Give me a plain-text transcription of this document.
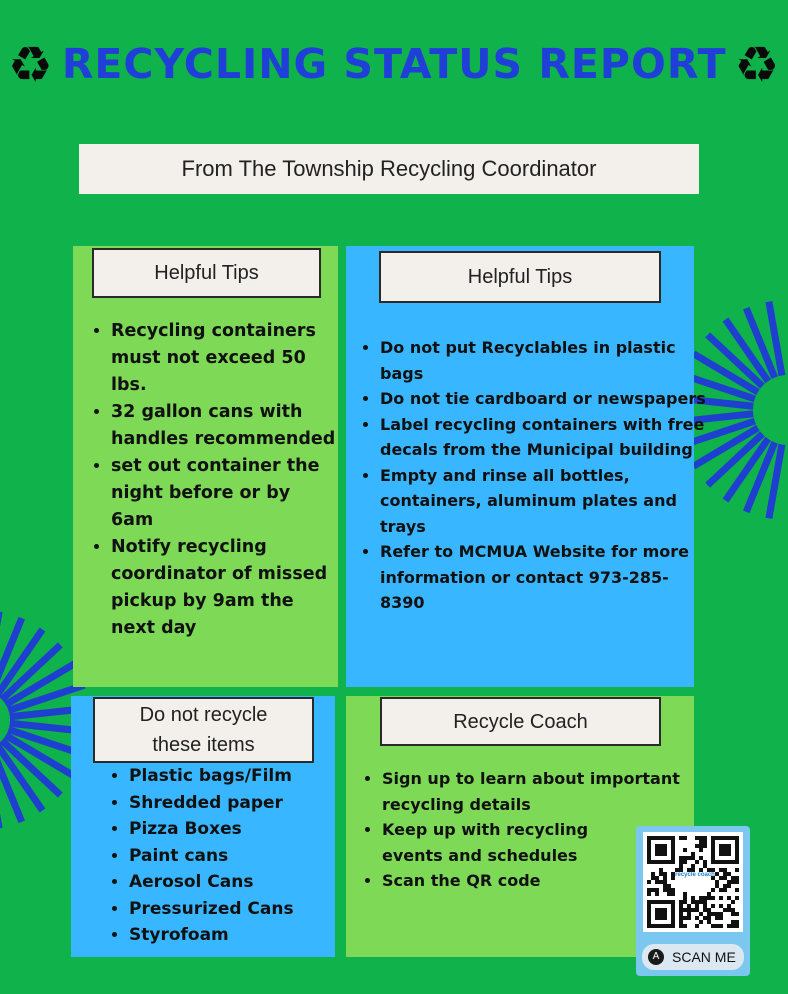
♻ RECYCLING STATUS REPORT ♻
From The Township Recycling Coordinator
Helpful Tips
• Recycling containers must not exceed 50 lbs.
• 32 gallon cans with handles recommended
• set out container the night before or by 6am
• Notify recycling coordinator of missed pickup by 9am the next day
Helpful Tips
• Do not put Recyclables in plastic bags
• Do not tie cardboard or newspapers
• Label recycling containers with free decals from the Municipal building
• Empty and rinse all bottles, containers, aluminum plates and trays
• Refer to MCMUA Website for more information or contact 973-285-8390
Do not recycle
these items
• Plastic bags/Film
• Shredded paper
• Pizza Boxes
• Paint cans
• Aerosol Cans
• Pressurized Cans
• Styrofoam
Recycle Coach
• Sign up to learn about important recycling details
• Keep up with recycling events and schedules
• Scan the QR code	recycle coach
A SCAN ME
